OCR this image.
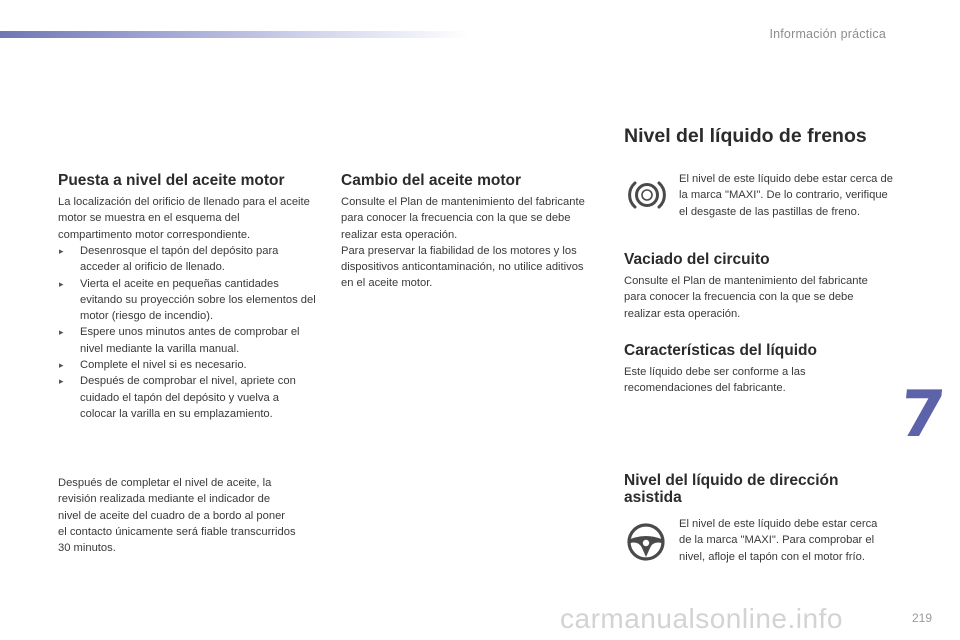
Información práctica
Puesta a nivel del aceite motor

La localización del orificio de llenado para el aceite motor se muestra en el esquema del compartimento motor correspondiente.

▸ Desenrosque el tapón del depósito para acceder al orificio de llenado.
▸ Vierta el aceite en pequeñas cantidades evitando su proyección sobre los elementos del motor (riesgo de incendio).
▸ Espere unos minutos antes de comprobar el nivel mediante la varilla manual.
▸ Complete el nivel si es necesario.
▸ Después de comprobar el nivel, apriete con cuidado el tapón del depósito y vuelva a colocar la varilla en su emplazamiento.

Después de completar el nivel de aceite, la revisión realizada mediante el indicador de nivel de aceite del cuadro de a bordo al poner el contacto únicamente será fiable transcurridos 30 minutos.

Cambio del aceite motor

Consulte el Plan de mantenimiento del fabricante para conocer la frecuencia con la que se debe realizar esta operación.
Para preservar la fiabilidad de los motores y los dispositivos anticontaminación, no utilice aditivos en el aceite motor.

Nivel del líquido de frenos

El nivel de este líquido debe estar cerca de la marca "MAXI". De lo contrario, verifique el desgaste de las pastillas de freno.

Vaciado del circuito

Consulte el Plan de mantenimiento del fabricante para conocer la frecuencia con la que se debe realizar esta operación.

Características del líquido

Este líquido debe ser conforme a las recomendaciones del fabricante.

Nivel del líquido de dirección asistida

El nivel de este líquido debe estar cerca de la marca "MAXI". Para comprobar el nivel, afloje el tapón con el motor frío.

7
carmanualsonline.info	219
